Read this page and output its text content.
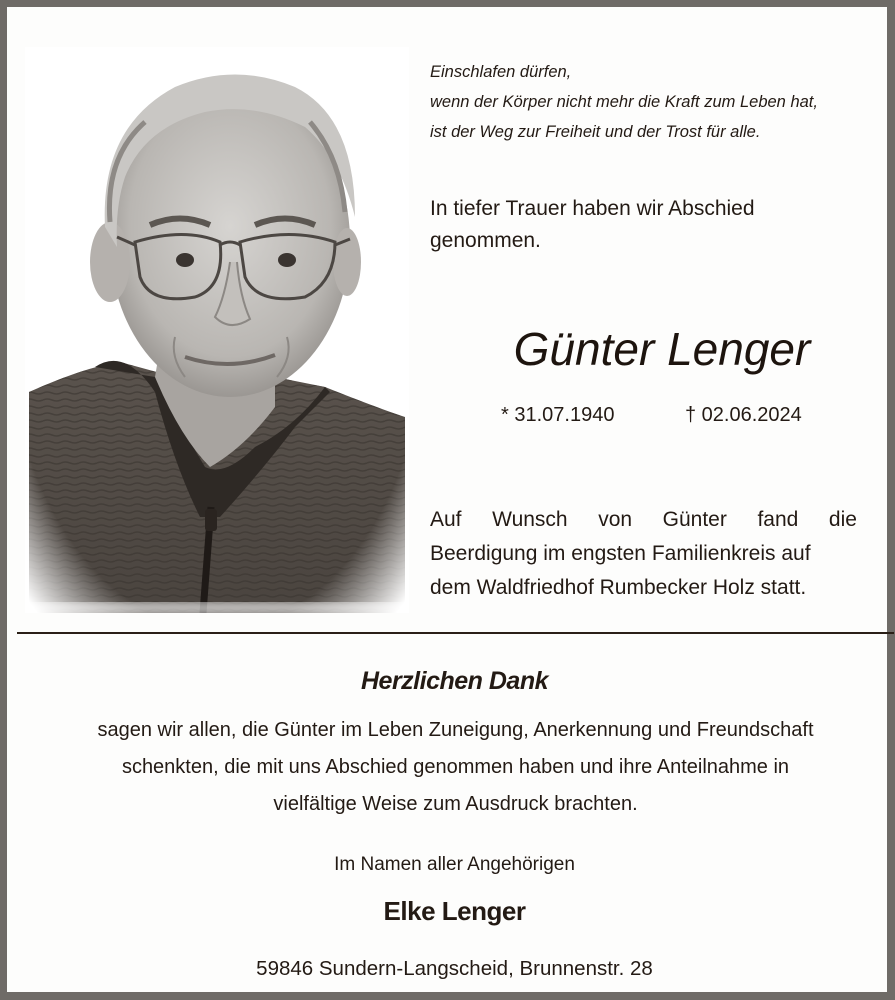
Einschlafen dürfen,
wenn der Körper nicht mehr die Kraft zum Leben hat,
ist der Weg zur Freiheit und der Trost für alle.
In tiefer Trauer haben wir Abschied
genommen.
Günter Lenger
* 31.07.1940	† 02.06.2024
Auf Wunsch von Günter fand die
Beerdigung im engsten Familienkreis auf
dem Waldfriedhof Rumbecker Holz statt.
Herzlichen Dank
sagen wir allen, die Günter im Leben Zuneigung, Anerkennung und Freundschaft
schenkten, die mit uns Abschied genommen haben und ihre Anteilnahme in
vielfältige Weise zum Ausdruck brachten.
Im Namen aller Angehörigen
Elke Lenger
59846 Sundern-Langscheid, Brunnenstr. 28
